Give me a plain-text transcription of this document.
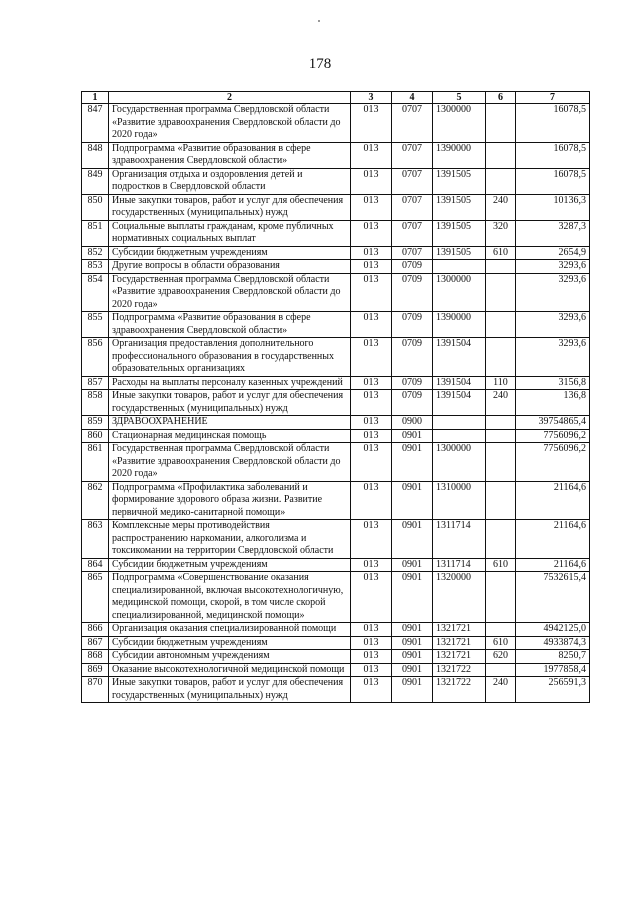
178
1	2	3	4	5	6	7
847	Государственная программа Свердловской области «Развитие здравоохранения Свердловской области до 2020 года»	013	0707	1300000		16078,5
848	Подпрограмма «Развитие образования в сфере здравоохранения Свердловской области»	013	0707	1390000		16078,5
849	Организация отдыха и оздоровления детей и подростков в Свердловской области	013	0707	1391505		16078,5
850	Иные закупки товаров, работ и услуг для обеспечения государственных (муниципальных) нужд	013	0707	1391505	240	10136,3
851	Социальные выплаты гражданам, кроме публичных нормативных социальных выплат	013	0707	1391505	320	3287,3
852	Субсидии бюджетным учреждениям	013	0707	1391505	610	2654,9
853	Другие вопросы в области образования	013	0709			3293,6
854	Государственная программа Свердловской области «Развитие здравоохранения Свердловской области до 2020 года»	013	0709	1300000		3293,6
855	Подпрограмма «Развитие образования в сфере здравоохранения Свердловской области»	013	0709	1390000		3293,6
856	Организация предоставления дополнительного профессионального образования в государственных образовательных организациях	013	0709	1391504		3293,6
857	Расходы на выплаты персоналу казенных учреждений	013	0709	1391504	110	3156,8
858	Иные закупки товаров, работ и услуг для обеспечения государственных (муниципальных) нужд	013	0709	1391504	240	136,8
859	ЗДРАВООХРАНЕНИЕ	013	0900			39754865,4
860	Стационарная медицинская помощь	013	0901			7756096,2
861	Государственная программа Свердловской области «Развитие здравоохранения Свердловской области до 2020 года»	013	0901	1300000		7756096,2
862	Подпрограмма «Профилактика заболеваний и формирование здорового образа жизни. Развитие первичной медико-санитарной помощи»	013	0901	1310000		21164,6
863	Комплексные меры противодействия распространению наркомании, алкоголизма и токсикомании на территории Свердловской области	013	0901	1311714		21164,6
864	Субсидии бюджетным учреждениям	013	0901	1311714	610	21164,6
865	Подпрограмма «Совершенствование оказания специализированной, включая высокотехнологичную, медицинской помощи, скорой, в том числе скорой специализированной, медицинской помощи»	013	0901	1320000		7532615,4
866	Организация оказания специализированной помощи	013	0901	1321721		4942125,0
867	Субсидии бюджетным учреждениям	013	0901	1321721	610	4933874,3
868	Субсидии автономным учреждениям	013	0901	1321721	620	8250,7
869	Оказание высокотехнологичной медицинской помощи	013	0901	1321722		1977858,4
870	Иные закупки товаров, работ и услуг для обеспечения государственных (муниципальных) нужд	013	0901	1321722	240	256591,3
